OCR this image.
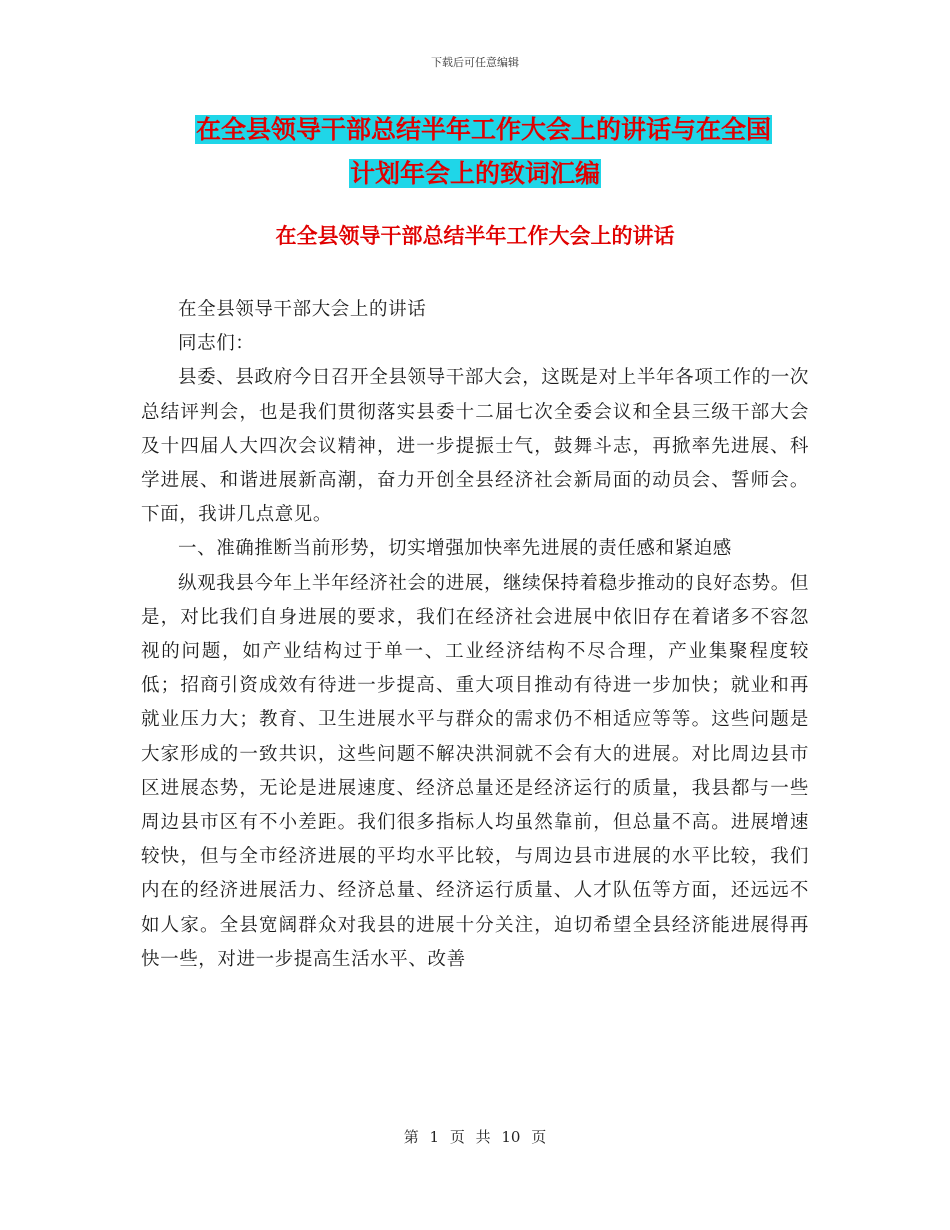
下载后可任意编辑
在全县领导干部总结半年工作大会上的讲话与在全国
计划年会上的致词汇编
在全县领导干部总结半年工作大会上的讲话

在全县领导干部大会上的讲话

同志们：

县委、县政府今日召开全县领导干部大会，这既是对上半年各项工作的一次总结评判会，也是我们贯彻落实县委十二届七次全委会议和全县三级干部大会及十四届人大四次会议精神，进一步提振士气，鼓舞斗志，再掀率先进展、科学进展、和谐进展新高潮，奋力开创全县经济社会新局面的动员会、誓师会。下面，我讲几点意见。

一、准确推断当前形势，切实增强加快率先进展的责任感和紧迫感

纵观我县今年上半年经济社会的进展，继续保持着稳步推动的良好态势。但是，对比我们自身进展的要求，我们在经济社会进展中依旧存在着诸多不容忽视的问题，如产业结构过于单一、工业经济结构不尽合理，产业集聚程度较低；招商引资成效有待进一步提高、重大项目推动有待进一步加快；就业和再就业压力大；教育、卫生进展水平与群众的需求仍不相适应等等。这些问题是大家形成的一致共识，这些问题不解决洪洞就不会有大的进展。对比周边县市区进展态势，无论是进展速度、经济总量还是经济运行的质量，我县都与一些周边县市区有不小差距。我们很多指标人均虽然靠前，但总量不高。进展增速较快，但与全市经济进展的平均水平比较，与周边县市进展的水平比较，我们内在的经济进展活力、经济总量、经济运行质量、人才队伍等方面，还远远不如人家。全县宽阔群众对我县的进展十分关注，迫切希望全县经济能进展得再快一些，对进一步提高生活水平、改善

第 1 页 共 10 页
